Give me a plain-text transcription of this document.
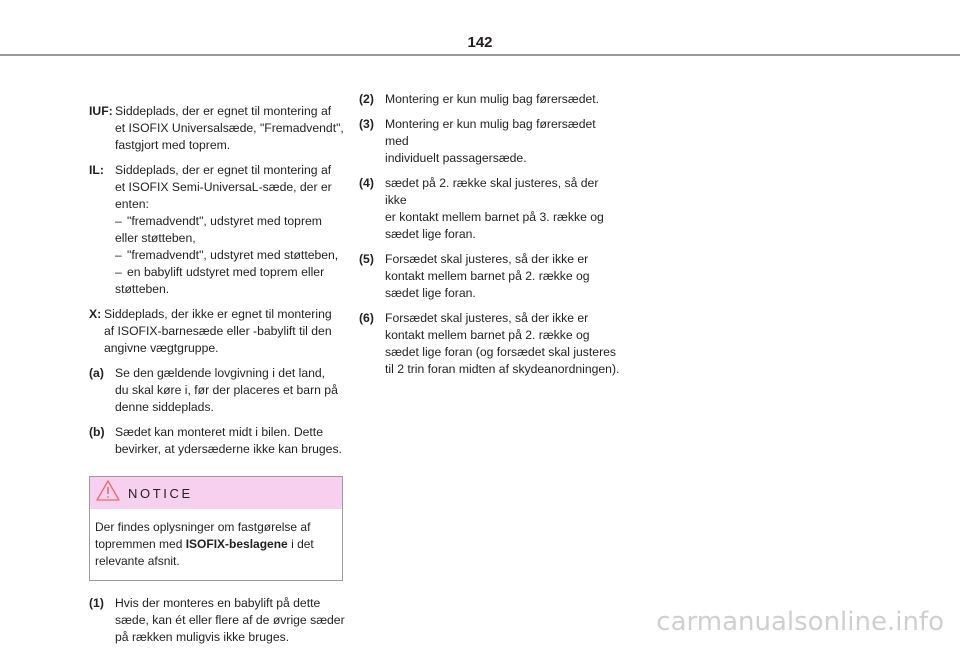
142
IUF: Siddeplads, der er egnet til montering af
et ISOFIX Universalsæde, "Fremadvendt",
fastgjort med toprem.
IL: Siddeplads, der er egnet til montering af
et ISOFIX Semi-UniversaL-sæde, der er
enten:
– "fremadvendt", udstyret med toprem eller støtteben,
– "fremadvendt", udstyret med støtteben,
– en babylift udstyret med toprem eller støtteben.
X: Siddeplads, der ikke er egnet til montering
af ISOFIX-barnesæde eller -babylift til den
angivne vægtgruppe.
(a) Se den gældende lovgivning i det land,
du skal køre i, før der placeres et barn på
denne siddeplads.
(b) Sædet kan monteret midt i bilen. Dette
bevirker, at ydersæderne ikke kan bruges.
NOTICE
Der findes oplysninger om fastgørelse af topremmen med ISOFIX-beslagene i det relevante afsnit.
(1) Hvis der monteres en babylift på dette
sæde, kan ét eller flere af de øvrige sæder
på rækken muligvis ikke bruges.
(2) Montering er kun mulig bag førersædet.
(3) Montering er kun mulig bag førersædet med
individuelt passagersæde.
(4) sædet på 2. række skal justeres, så der ikke
er kontakt mellem barnet på 3. række og
sædet lige foran.
(5) Forsædet skal justeres, så der ikke er
kontakt mellem barnet på 2. række og
sædet lige foran.
(6) Forsædet skal justeres, så der ikke er
kontakt mellem barnet på 2. række og
sædet lige foran (og forsædet skal justeres
til 2 trin foran midten af skydeanordningen).
carmanualsonline.info
